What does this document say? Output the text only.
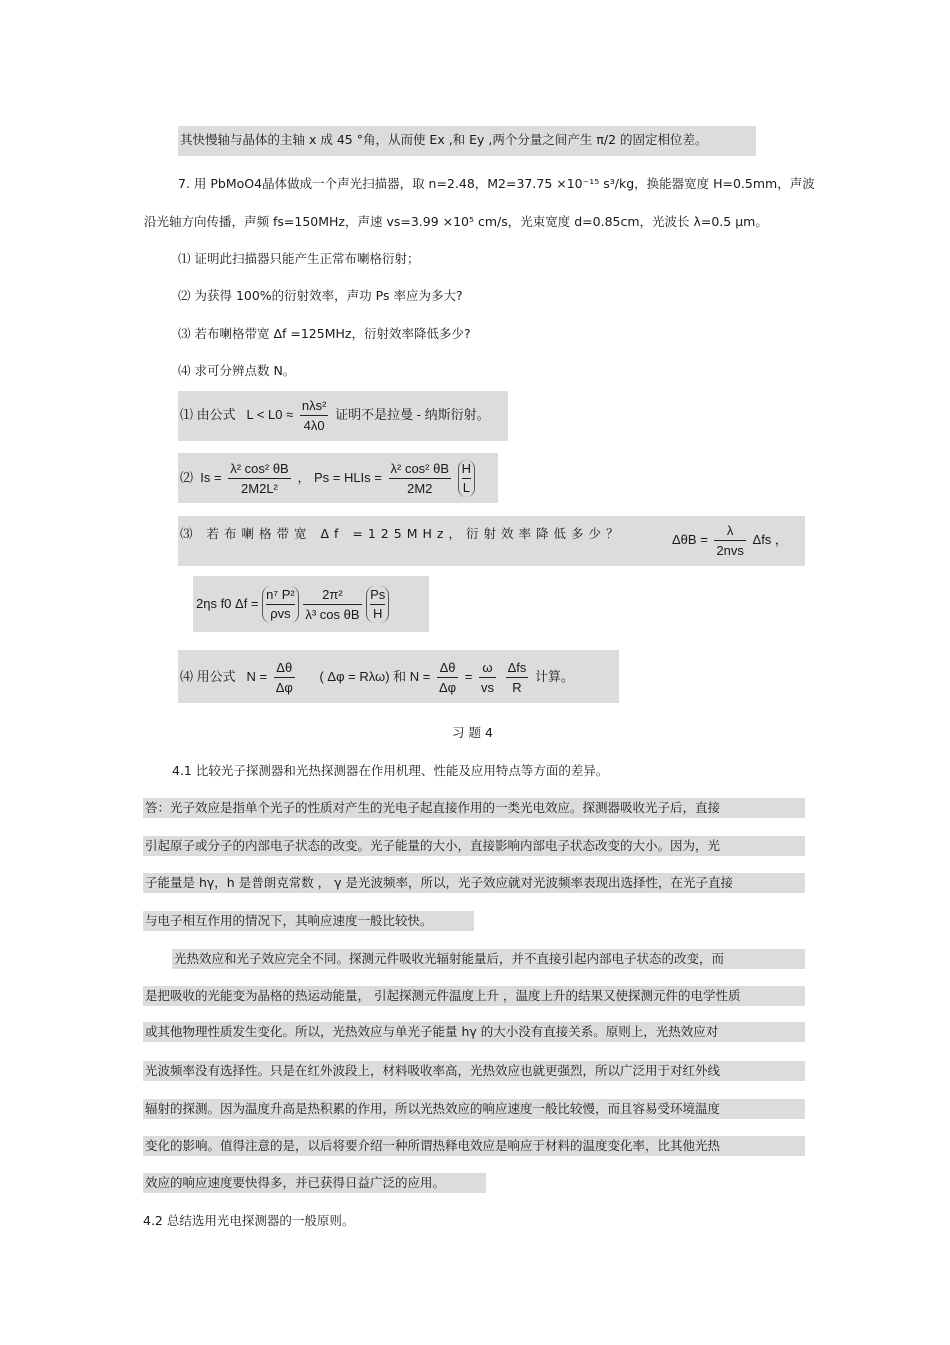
其快慢轴与晶体的主轴 x 成 45 °角，从而使 Ex ,和 Ey ,两个分量之间产生 π/2 的固定相位差。
7. 用 PbMoO4晶体做成一个声光扫描器，取 n=2.48，M2=37.75 ×10⁻¹⁵ s³/kg，换能器宽度 H=0.5mm，声波
沿光轴方向传播，声频 fs=150MHz，声速 vs=3.99 ×10⁵ cm/s，光束宽度 d=0.85cm，光波长 λ=0.5 μm。
⑴ 证明此扫描器只能产生正常布喇格衍射；
⑵ 为获得 100%的衍射效率，声功 Ps 率应为多大?
⑶ 若布喇格带宽 Δf =125MHz，衍射效率降低多少?
⑷ 求可分辨点数 N。
⑴ 由公式 $L < L0 \approx \frac{\text{nλs²}}{4\lambda 0}$ 证明不是拉曼 - 纳斯衍射。
⑵ $Is = \frac{\text{λ² cos² θB}}{\text{2M2L²}}$ ， Ps = HLIs = $\frac{\text{λ² cos² θB}}{2M2}$
$\frac{H}{L}$
⑶ 若布喇格带宽 Δf =125MHz，衍射效率降低多少？	$\Delta\theta B = \frac{\lambda}{\text{2nvs}}$ Δfs ，
2ηs f0 $\Delta f = \frac{\text{n⁷ P²}}{\text{ρvs}}$
$\frac{\text{2π²}}{\text{λ³ cos θB}}$
$\frac{Ps}{H}$
⑷ 用公式 $N = \frac{\Delta\theta}{\Delta\varphi}$ ( Δφ = Rλω) 和 $N = \frac{\Delta\theta}{\Delta\varphi} = \frac{\omega}{vs}$
$\frac{\text{Δfs}}{R}$ 计算。
习 题 4
4.1 比较光子探测器和光热探测器在作用机理、性能及应用特点等方面的差异。
答：光子效应是指单个光子的性质对产生的光电子起直接作用的一类光电效应。探测器吸收光子后，直接
引起原子或分子的内部电子状态的改变。光子能量的大小，直接影响内部电子状态改变的大小。因为，光
子能量是 hγ，h 是普朗克常数 ， γ 是光波频率，所以，光子效应就对光波频率表现出选择性，在光子直接
与电子相互作用的情况下，其响应速度一般比较快。
光热效应和光子效应完全不同。探测元件吸收光辐射能量后，并不直接引起内部电子状态的改变，而
是把吸收的光能变为晶格的热运动能量， 引起探测元件温度上升 ，温度上升的结果又使探测元件的电学性质
或其他物理性质发生变化。所以，光热效应与单光子能量 hγ 的大小没有直接关系。原则上，光热效应对
光波频率没有选择性。只是在红外波段上，材料吸收率高，光热效应也就更强烈，所以广泛用于对红外线
辐射的探测。因为温度升高是热积累的作用，所以光热效应的响应速度一般比较慢，而且容易受环境温度
变化的影响。值得注意的是，以后将要介绍一种所谓热释电效应是响应于材料的温度变化率，比其他光热
效应的响应速度要快得多，并已获得日益广泛的应用。
4.2 总结选用光电探测器的一般原则。
